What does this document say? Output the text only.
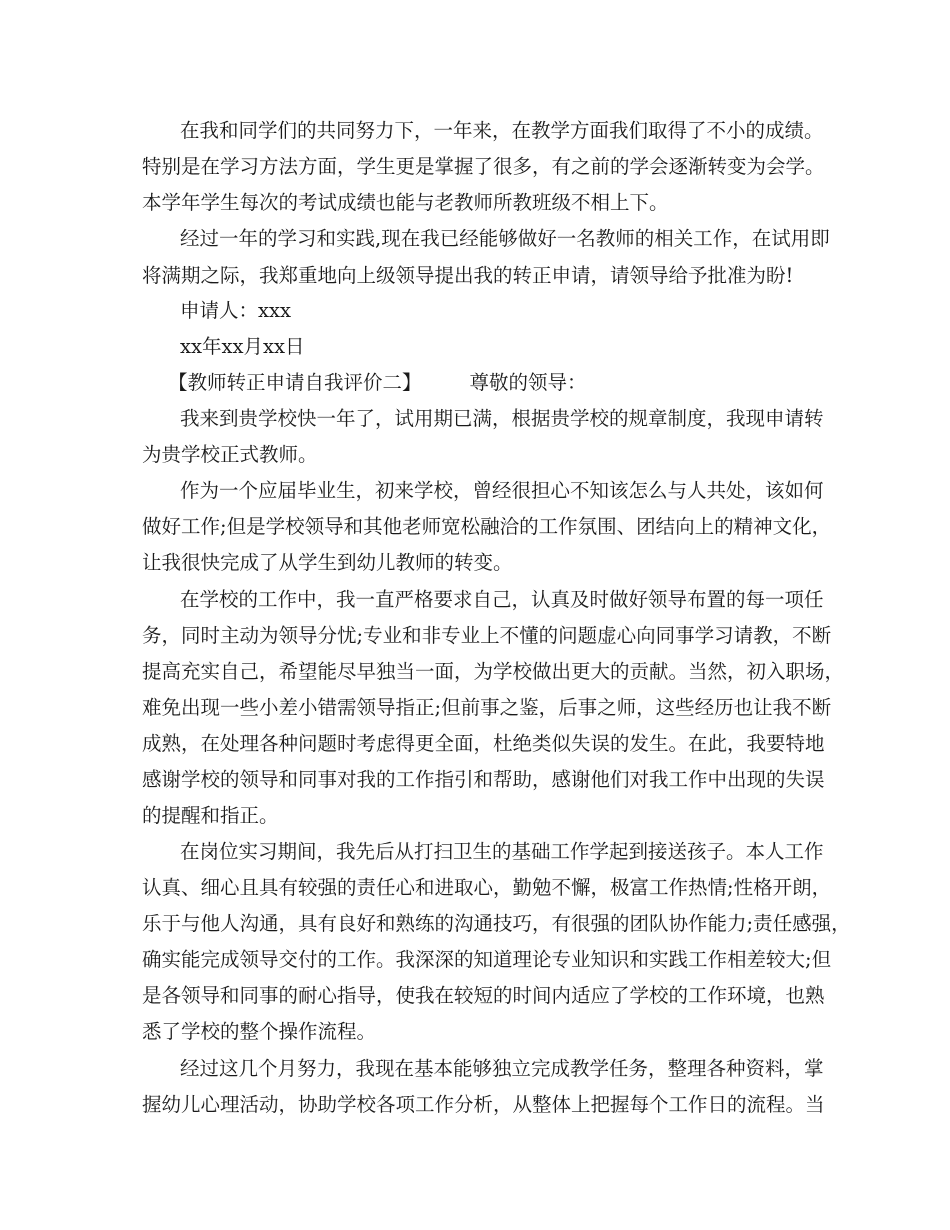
在我和同学们的共同努力下，一年来，在教学方面我们取得了不小的成绩。
特别是在学习方法方面，学生更是掌握了很多，有之前的学会逐渐转变为会学。
本学年学生每次的考试成绩也能与老教师所教班级不相上下。
经过一年的学习和实践,现在我已经能够做好一名教师的相关工作，在试用即
将满期之际，我郑重地向上级领导提出我的转正申请，请领导给予批准为盼!
申请人：xxx
xx年xx月xx日
【教师转正申请自我评价二】 尊敬的领导：
我来到贵学校快一年了，试用期已满，根据贵学校的规章制度，我现申请转
为贵学校正式教师。
作为一个应届毕业生，初来学校，曾经很担心不知该怎么与人共处，该如何
做好工作;但是学校领导和其他老师宽松融洽的工作氛围、团结向上的精神文化，
让我很快完成了从学生到幼儿教师的转变。
在学校的工作中，我一直严格要求自己，认真及时做好领导布置的每一项任
务，同时主动为领导分忧;专业和非专业上不懂的问题虚心向同事学习请教，不断
提高充实自己，希望能尽早独当一面，为学校做出更大的贡献。当然，初入职场，
难免出现一些小差小错需领导指正;但前事之鉴，后事之师，这些经历也让我不断
成熟，在处理各种问题时考虑得更全面，杜绝类似失误的发生。在此，我要特地
感谢学校的领导和同事对我的工作指引和帮助，感谢他们对我工作中出现的失误
的提醒和指正。
在岗位实习期间，我先后从打扫卫生的基础工作学起到接送孩子。本人工作
认真、细心且具有较强的责任心和进取心，勤勉不懈，极富工作热情;性格开朗，
乐于与他人沟通，具有良好和熟练的沟通技巧，有很强的团队协作能力;责任感强，
确实能完成领导交付的工作。我深深的知道理论专业知识和实践工作相差较大;但
是各领导和同事的耐心指导，使我在较短的时间内适应了学校的工作环境，也熟
悉了学校的整个操作流程。
经过这几个月努力，我现在基本能够独立完成教学任务，整理各种资料，掌
握幼儿心理活动，协助学校各项工作分析，从整体上把握每个工作日的流程。当
